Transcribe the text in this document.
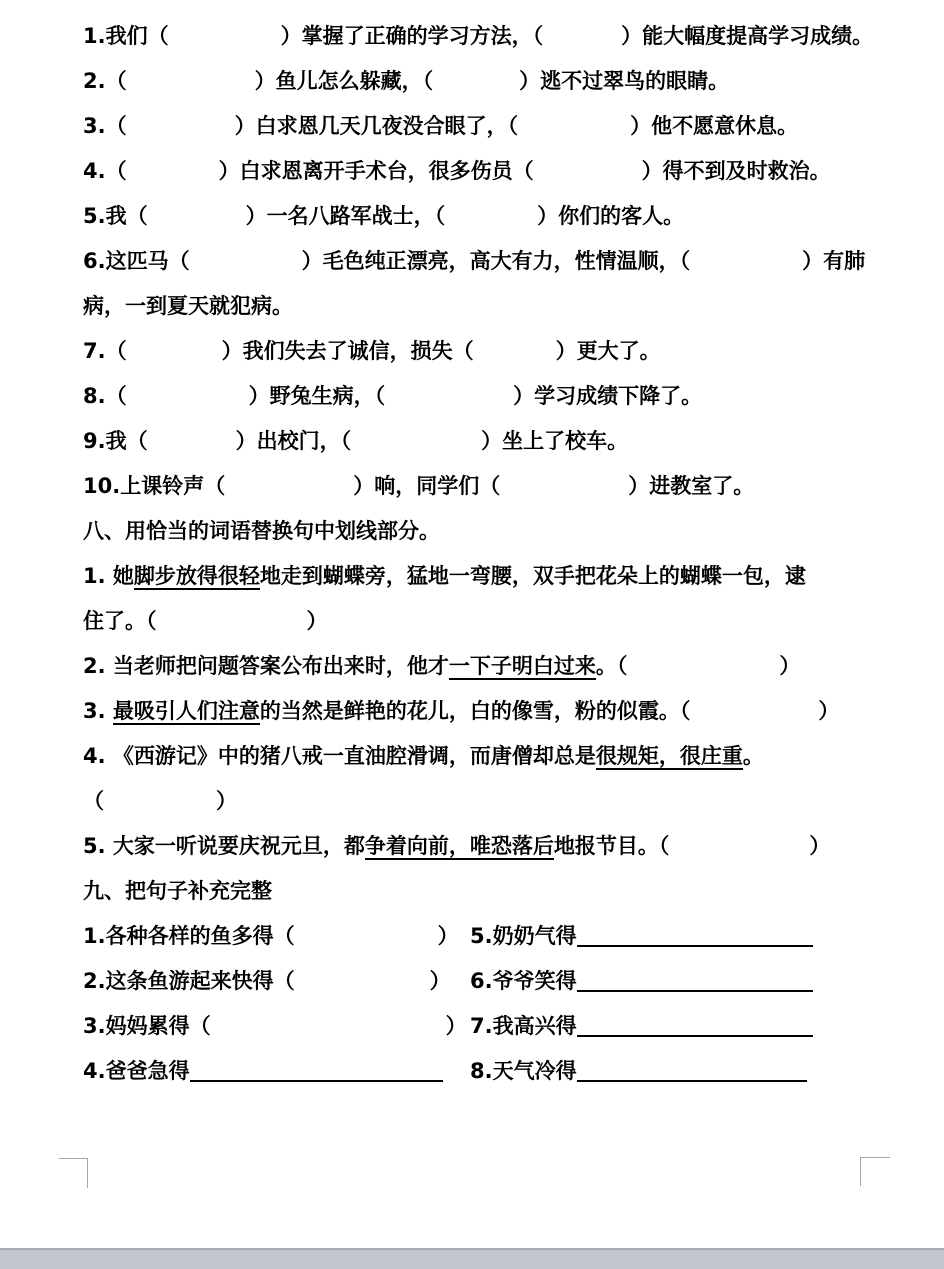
1.我们（	）掌握了正确的学习方法，（	）能大幅度提高学习成绩。
2.（	）鱼儿怎么躲藏，（	）逃不过翠鸟的眼睛。
3.（	）白求恩几天几夜没合眼了，（	）他不愿意休息。
4.（	）白求恩离开手术台，很多伤员（	）得不到及时救治。
5.我（	）一名八路军战士，（	）你们的客人。
6.这匹马（	）毛色纯正漂亮，高大有力，性情温顺，（	）有肺
病，一到夏天就犯病。
7.（	）我们失去了诚信，损失（	）更大了。
8.（	）野兔生病，（	）学习成绩下降了。
9.我（	）出校门，（	）坐上了校车。
10.上课铃声（	）响，同学们（	）进教室了。
八、用恰当的词语替换句中划线部分。
1. 她脚步放得很轻地走到蝴蝶旁，猛地一弯腰，双手把花朵上的蝴蝶一包，逮
住了。（	）
2. 当老师把问题答案公布出来时，他才一下子明白过来。（	）
3. 最吸引人们注意的当然是鲜艳的花儿，白的像雪，粉的似霞。（	）
4. 《西游记》中的猪八戒一直油腔滑调，而唐僧却总是很规矩，很庄重。
（	）
5. 大家一听说要庆祝元旦，都争着向前，唯恐落后地报节目。（	）
九、把句子补充完整
1.各种各样的鱼多得（	） 5.奶奶气得
2.这条鱼游起来快得（	） 6.爷爷笑得
3.妈妈累得（	） 7.我高兴得
4.爸爸急得	8.天气冷得
